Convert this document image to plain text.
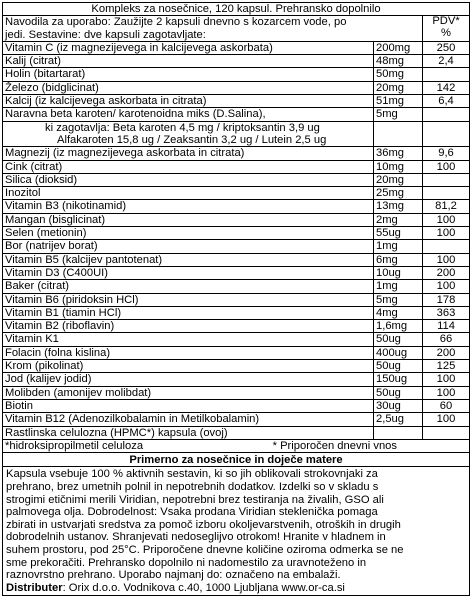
Kompleks za nosečnice, 120 kapsul. Prehransko dopolnilo
Navodila za uporabo: Zaužijte 2 kapsuli dnevno s kozarcem vode, po
jedi. Sestavine: dve kapsuli zagotavljate:
PDV*
%
Vitamin C (iz magnezijevega in kalcijevega askorbata)	200mg	250
Kalij (citrat)	48mg	2,4
Holin (bitartarat)	50mg
Železo (bidglicinat)	20mg	142
Kalcij (iz kalcijevega askorbata in citrata)	51mg	6,4
Naravna beta karoten/ karotenoidna miks (D.Salina),	5mg
ki zagotavlja: Beta karoten 4,5 mg / kriptoksantin 3,9 ug
Alfakaroten 15,8 ug / Zeaksantin 3,2 ug / Lutein 2,5 ug
Magnezij (iz magnezijevega askorbata in citrata)	36mg	9,6
Cink (citrat)	10mg	100
Silica (dioksid)	20mg
Inozitol	25mg
Vitamin B3 (nikotinamid)	13mg	81,2
Mangan (bisglicinat)	2mg	100
Selen (metionin)	55ug	100
Bor (natrijev borat)	1mg
Vitamin B5 (kalcijev pantotenat)	6mg	100
Vitamin D3 (C400UI)	10ug	200
Baker (citrat)	1mg	100
Vitamin B6 (piridoksin HCl)	5mg	178
Vitamin B1 (tiamin HCl)	4mg	363
Vitamin B2 (riboflavin)	1,6mg	114
Vitamin K1	50ug	66
Folacin (folna kislina)	400ug	200
Krom (pikolinat)	50ug	125
Jod (kalijev jodid)	150ug	100
Molibden (amonijev molibdat)	50ug	100
Biotin	30ug	60
Vitamin B12 (Adenozilkobalamin in Metilkobalamin)	2,5ug	100
Rastlinska celulozna (HPMC*) kapsula (ovoj)
*hidroksipropilmetil celuloza	* Priporočen dnevni vnos
Primerno za nosečnice in doječe matere
Kapsula vsebuje 100 % aktivnih sestavin, ki so jih oblikovali strokovnjaki za
prehrano, brez umetnih polnil in nepotrebnih dodatkov. Izdelki so v skladu s
strogimi etičnimi merili Viridian, nepotrebni brez testiranja na živalih, GSO ali
palmovega olja. Dobrodelnost: Vsaka prodana Viridian steklenička pomaga
zbirati in ustvarjati sredstva za pomoč izboru okoljevarstvenih, otroških in drugih
dobrodelnih ustanov. Shranjevati nedoseglijvo otrokom! Hranite v hladnem in
suhem prostoru, pod 25°C. Priporočene dnevne količine oziroma odmerka se ne
sme prekoračiti. Prehransko dopolnilo ni nadomestilo za uravnoteženo in
raznovrstno prehrano. Uporabo najmanj do: označeno na embalaži.
Distributer: Orix d.o.o. Vodnikova c.40, 1000 Ljubljana www.or-ca.si
